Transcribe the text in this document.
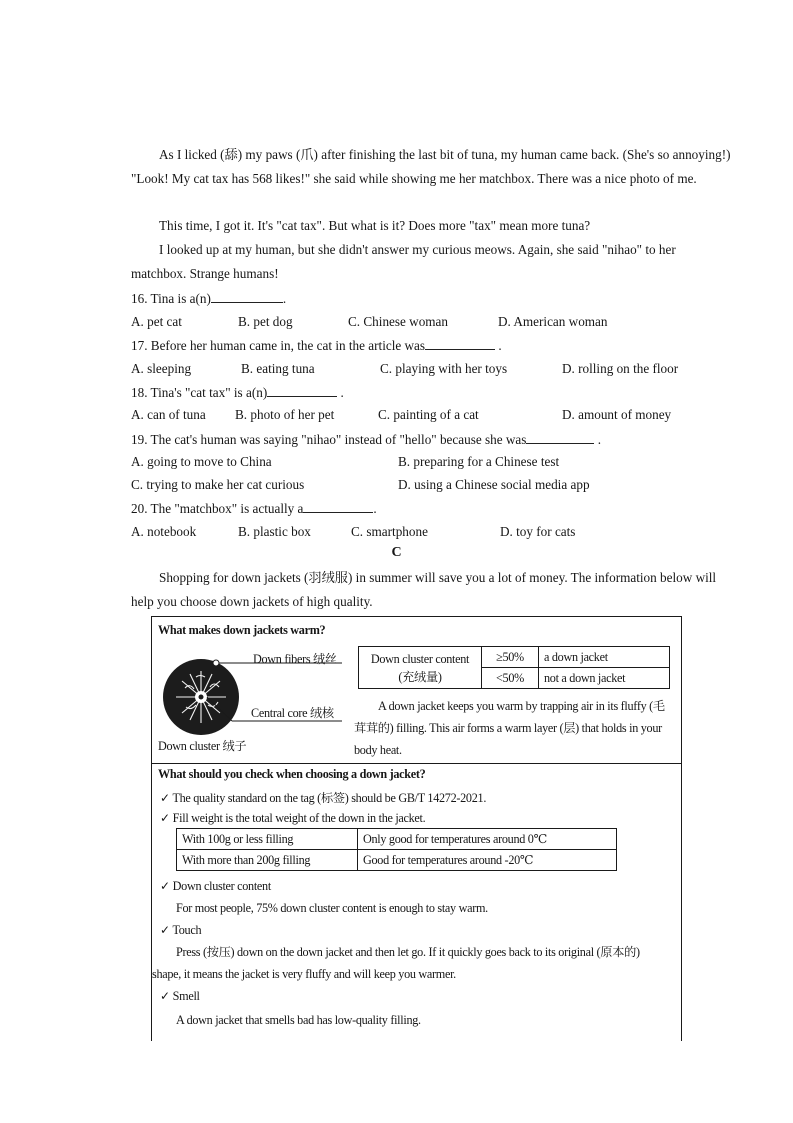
As I licked (舔) my paws (爪) after finishing the last bit of tuna, my human came back. (She's so annoying!) "Look! My cat tax has 568 likes!" she said while showing me her matchbox. There was a nice photo of me.

This time, I got it. It's "cat tax". But what is it? Does more "tax" mean more tuna?

I looked up at my human, but she didn't answer my curious meows. Again, she said "nihao" to her matchbox. Strange humans!

16. Tina is a(n)	.
A. pet cat	B. pet dog	C. Chinese woman	D. American woman
17. Before her human came in, the cat in the article was	.
A. sleeping	B. eating tuna	C. playing with her toys	D. rolling on the floor
18. Tina's "cat tax" is a(n)	.
A. can of tuna B. photo of her pet	C. painting of a cat	D. amount of money
19. The cat's human was saying "nihao" instead of "hello" because she was	.
A. going to move to China	B. preparing for a Chinese test
C. trying to make her cat curious	D. using a Chinese social media app
20. The "matchbox" is actually a	.
A. notebook	B. plastic box	C. smartphone	D. toy for cats
C

Shopping for down jackets (羽绒服) in summer will save you a lot of money. The information below will help you choose down jackets of high quality.

What makes down jackets warm?
Down fibers 绒丝
Central core 绒核
Down cluster 绒子
Down cluster content
(充绒量)	≥50%	a down jacket
	<50%	not a down jacket
A down jacket keeps you warm by trapping air in its fluffy (毛茸茸的) filling. This air forms a warm layer (层) that holds in your body heat.
What should you check when choosing a down jacket?
✓ The quality standard on the tag (标签) should be GB/T 14272-2021.
✓ Fill weight is the total weight of the down in the jacket.
With 100g or less filling	Only good for temperatures around 0℃
With more than 200g filling	Good for temperatures around -20℃
✓ Down cluster content
For most people, 75% down cluster content is enough to stay warm.
✓ Touch
Press (按压) down on the down jacket and then let go. If it quickly goes back to its original (原本的) shape, it means the jacket is very fluffy and will keep you warmer.
✓ Smell
A down jacket that smells bad has low-quality filling.
